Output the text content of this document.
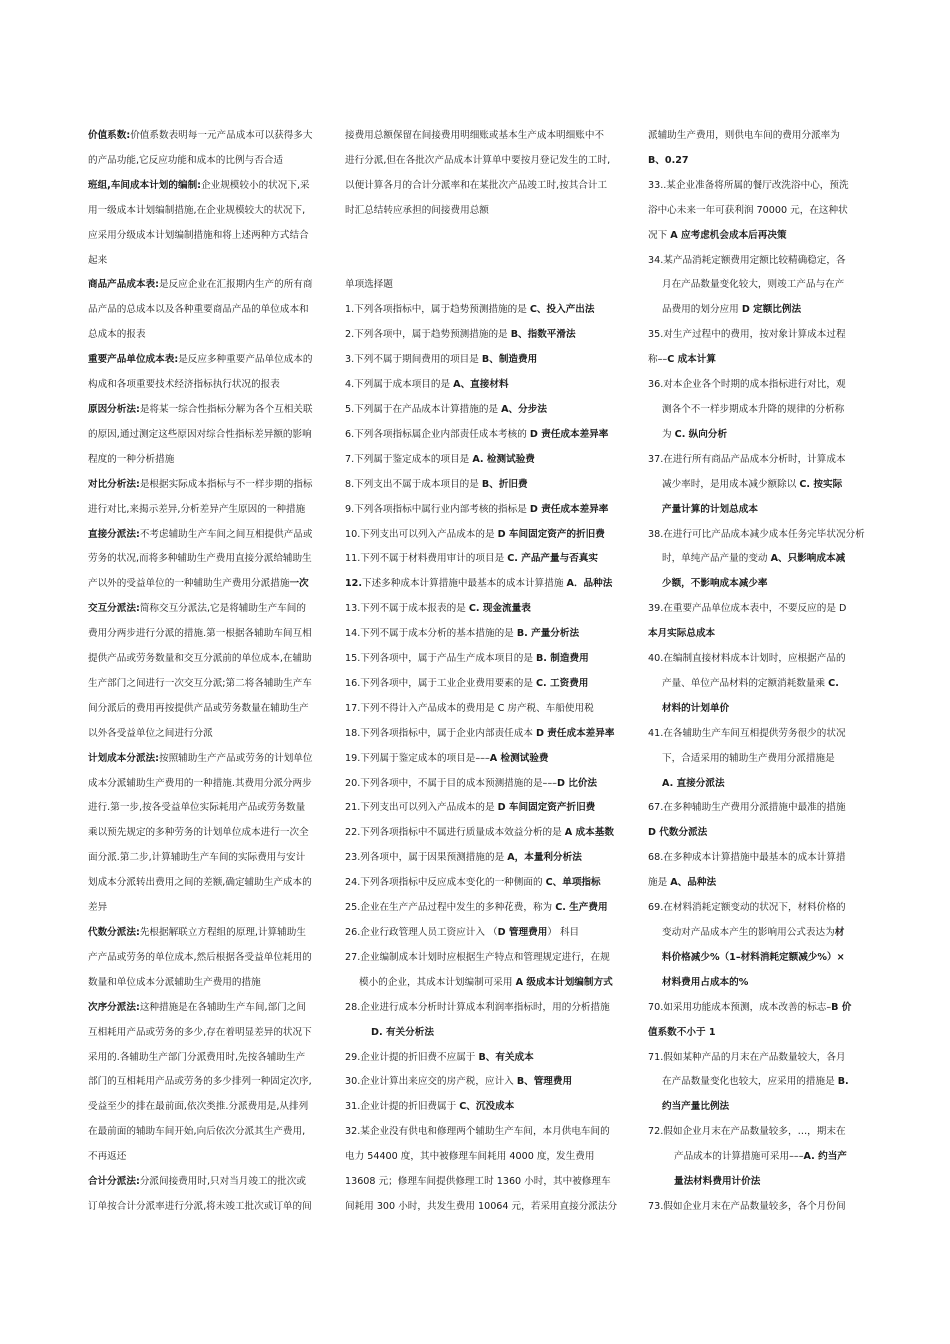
价值系数:价值系数表明每一元产品成本可以获得多大

的产品功能,它反应功能和成本的比例与否合适

班组,车间成本计划的编制:企业规模较小的状况下,采

用一级成本计划编制措施,在企业规模较大的状况下,

应采用分级成本计划编制措施和将上述两种方式结合

起来

商品产品成本表:是反应企业在汇报期内生产的所有商

品产品的总成本以及各种重要商品产品的单位成本和

总成本的报表

重要产品单位成本表:是反应多种重要产品单位成本的

构成和各项重要技术经济指标执行状况的报表

原因分析法:是将某一综合性指标分解为各个互相关联

的原因,通过测定这些原因对综合性指标差异额的影响

程度的一种分析措施

对比分析法:是根据实际成本指标与不一样步期的指标

进行对比,来揭示差异,分析差异产生原因的一种措施

直接分派法:不考虑辅助生产车间之间互相提供产品或

劳务的状况,而将多种辅助生产费用直接分派给辅助生

产以外的受益单位的一种辅助生产费用分派措施一次

交互分派法:简称交互分派法,它是将辅助生产车间的

费用分两步进行分派的措施.第一根据各辅助车间互相

提供产品或劳务数量和交互分派前的单位成本,在辅助

生产部门之间进行一次交互分派;第二将各辅助生产车

间分派后的费用再按提供产品或劳务数量在辅助生产

以外各受益单位之间进行分派

计划成本分派法:按照辅助生产产品或劳务的计划单位

成本分派辅助生产费用的一种措施.其费用分派分两步

进行.第一步,按各受益单位实际耗用产品或劳务数量

乘以预先规定的多种劳务的计划单位成本进行一次全

面分派.第二步,计算辅助生产车间的实际费用与安计

划成本分派转出费用之间的差额,确定辅助生产成本的

差异

代数分派法:先根据解联立方程组的原理,计算辅助生

产产品或劳务的单位成本,然后根据各受益单位耗用的

数量和单位成本分派辅助生产费用的措施

次序分派法:这种措施是在各辅助生产车间,部门之间

互相耗用产品或劳务的多少,存在着明显差异的状况下

采用的.各辅助生产部门分派费用时,先按各辅助生产

部门的互相耗用产品或劳务的多少排列一种固定次序,

受益至少的排在最前面,依次类推.分派费用是,从排列

在最前面的辅助车间开始,向后依次分派其生产费用,

不再返还

合计分派法:分派间接费用时,只对当月竣工的批次或

订单按合计分派率进行分派,将未竣工批次或订单的间

接费用总额保留在间接费用明细账或基本生产成本明细账中不

进行分派,但在各批次产品成本计算单中要按月登记发生的工时,

以便计算各月的合计分派率和在某批次产品竣工时,按其合计工

时汇总结转应承担的间接费用总额

单项选择题

1.下列各项指标中，属于趋势预测措施的是 C、投入产出法

2.下列各项中，属于趋势预测措施的是 B、指数平滑法

3.下列不属于期间费用的项目是 B、制造费用

4.下列属于成本项目的是 A、直接材料

5.下列属于在产品成本计算措施的是 A、分步法

6.下列各项指标属企业内部责任成本考核的 D 责任成本差异率

7.下列属于鉴定成本的项目是 A. 检测试验费

8.下列支出不属于成本项目的是 B、折旧费

9.下列各项指标中属行业内部考核的指标是 D 责任成本差异率

10.下列支出可以列入产品成本的是 D 车间固定资产的折旧费

11.下列不属于材料费用审计的项目是 C. 产品产量与否真实

12.下述多种成本计算措施中最基本的成本计算措施 A．品种法

13.下列不属于成本报表的是 C. 现金流量表

14.下列不属于成本分析的基本措施的是 B. 产量分析法

15.下列各项中，属于产品生产成本项目的是 B. 制造费用

16.下列各项中，属于工业企业费用要素的是 C. 工资费用

17.下列不得计入产品成本的费用是 C 房产税、车船使用税

18.下列各项指标中，属于企业内部责任成本 D 责任成本差异率

19.下列属于鉴定成本的项目是–––A 检测试验费

20.下列各项中，不属于目的成本预测措施的是–––D 比价法

21.下列支出可以列入产品成本的是 D 车间固定资产折旧费

22.下列各项指标中不属进行质量成本效益分析的是 A 成本基数

23.列各项中，属于因果预测措施的是 A，本量利分析法

24.下列各项指标中反应成本变化的一种侧面的 C、单项指标

25.企业在生产产品过程中发生的多种花费，称为 C. 生产费用

26.企业行政管理人员工资应计入 （D 管理费用） 科目

27.企业编制成本计划时应根据生产特点和管理规定进行，在规

模小的企业，其成本计划编制可采用 A 级成本计划编制方式

28.企业进行成本分析时计算成本利润率指标时，用的分析措施

D. 有关分析法

29.企业计提的折旧费不应属于 B、有关成本

30.企业计算出来应交的房产税，应计入 B、管理费用

31.企业计提的折旧费属于 C、沉没成本

32.某企业没有供电和修理两个辅助生产车间，本月供电车间的

电力 54400 度，其中被修理车间耗用 4000 度，发生费用

13608 元；修理车间提供修理工时 1360 小时，其中被修理车

间耗用 300 小时，共发生费用 10064 元，若采用直接分派法分

派辅助生产费用，则供电车间的费用分派率为

B、0.27

33..某企业准备将所属的餐厅改洗浴中心，预洗

浴中心未来一年可获利润 70000 元，在这种状

况下 A 应考虑机会成本后再决策

34.某产品消耗定额费用定额比较精确稳定，各

月在产品数量变化较大，则竣工产品与在产

品费用的划分应用 D 定额比例法

35.对生产过程中的费用，按对象计算成本过程

称––C 成本计算

36.对本企业各个时期的成本指标进行对比，观

测各个不一样步期成本升降的规律的分析称

为 C. 纵向分析

37.在进行所有商品产品成本分析时，计算成本

减少率时，是用成本减少额除以 C. 按实际

产量计算的计划总成本

38.在进行可比产品成本减少成本任务完毕状况分析

时，单纯产品产量的变动 A、只影响成本减

少额，不影响成本减少率

39.在重要产品单位成本表中，不要反应的是 D

本月实际总成本

40.在编制直接材料成本计划时，应根据产品的

产量、单位产品材料的定额消耗数量乘 C.

材料的计划单价

41.在各辅助生产车间互相提供劳务很少的状况

下，合适采用的辅助生产费用分派措施是

A. 直接分派法

67.在多种辅助生产费用分派措施中最准的措施

D 代数分派法

68.在多种成本计算措施中最基本的成本计算措

施是 A、品种法

69.在材料消耗定额变动的状况下，材料价格的

变动对产品成本产生的影响用公式表达为材

料价格减少%（1–材料消耗定额减少%）×

材料费用占成本的%

70.如采用功能成本预测，成本改善的标志–B 价

值系数不小于 1

71.假如某种产品的月末在产品数量较大，各月

在产品数量变化也较大，应采用的措施是 B.

约当产量比例法

72.假如企业月末在产品数量较多，…，期末在

产品成本的计算措施可采用–––A. 约当产

量法材料费用计价法

73.假如企业月末在产品数量较多，各个月份间
